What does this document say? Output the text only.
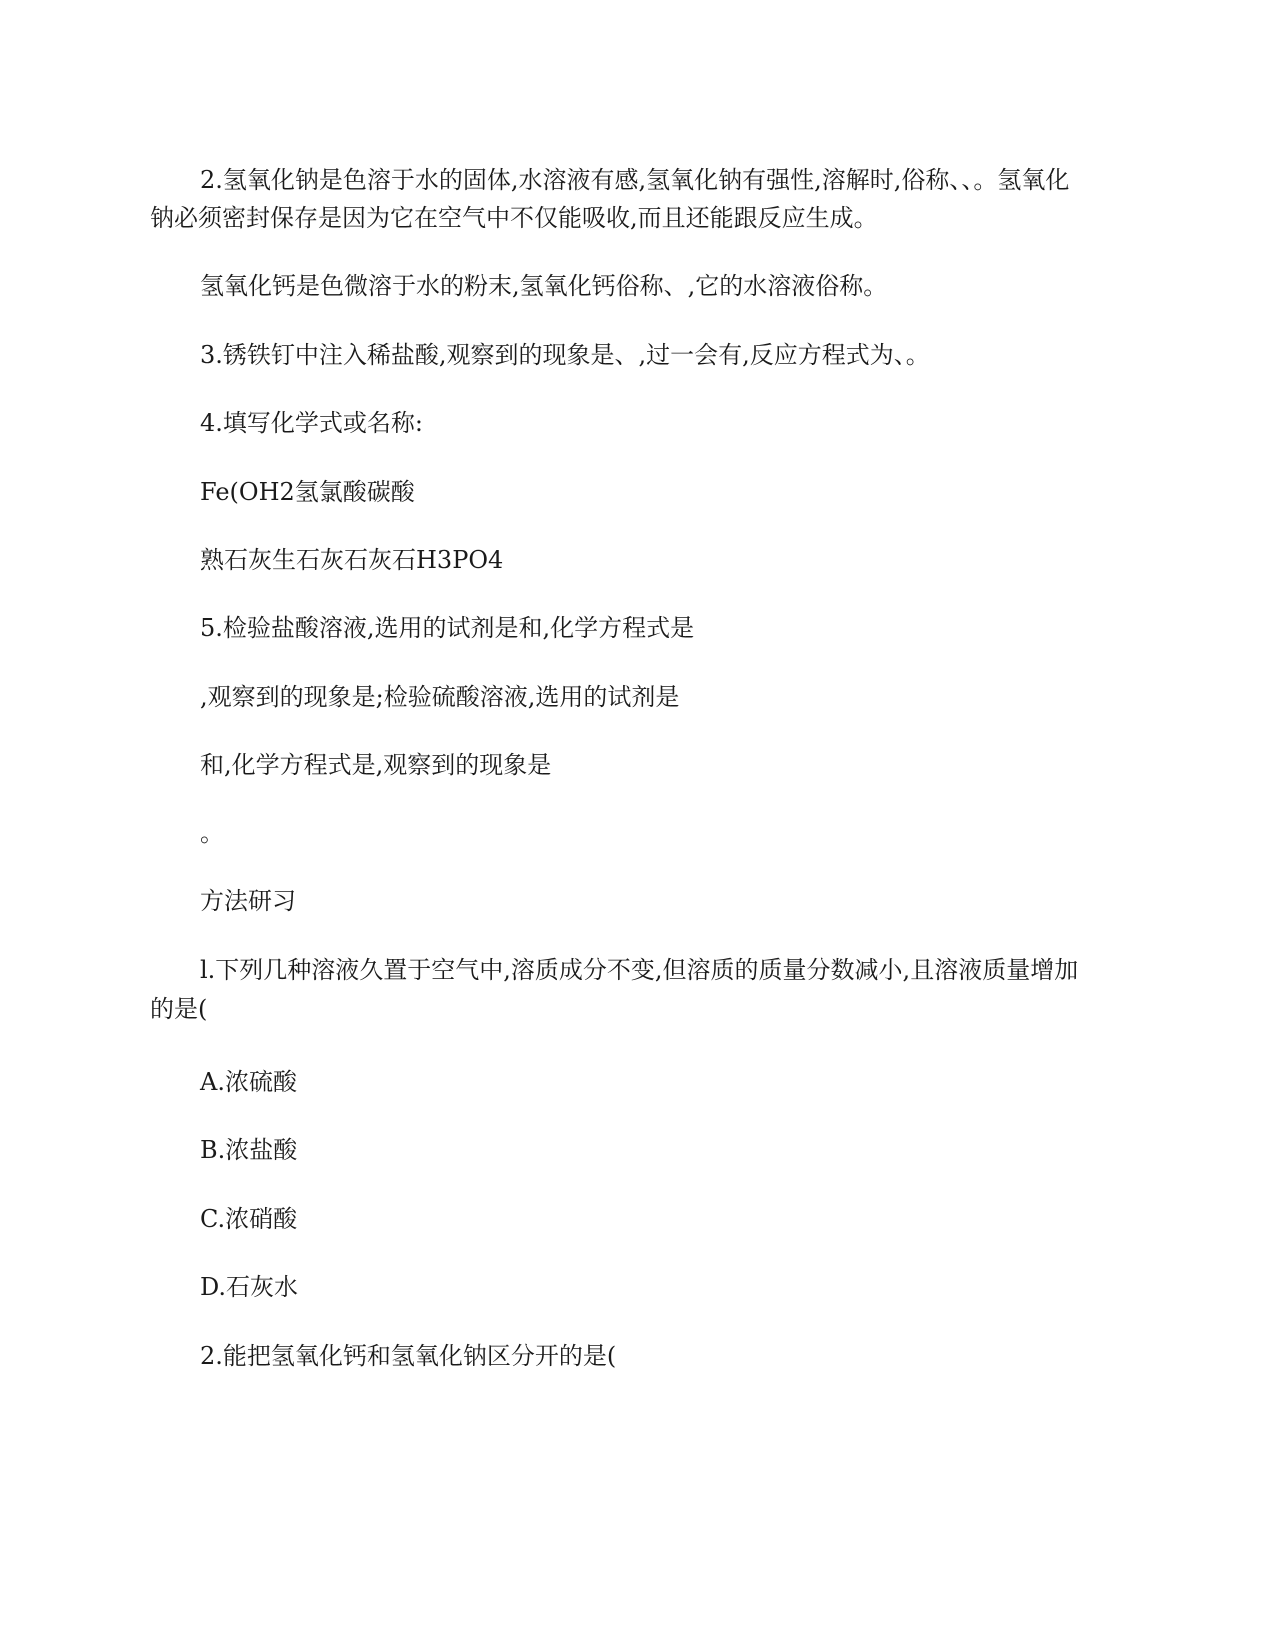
2.氢氧化钠是色溶于水的固体,水溶液有感,氢氧化钠有强性,溶解时,俗称、、。氢氧化
钠必须密封保存是因为它在空气中不仅能吸收,而且还能跟反应生成。
氢氧化钙是色微溶于水的粉末,氢氧化钙俗称、,它的水溶液俗称。
3.锈铁钉中注入稀盐酸,观察到的现象是、,过一会有,反应方程式为、。
4.填写化学式或名称:
Fe(OH2氢氯酸碳酸
熟石灰生石灰石灰石H3PO4
5.检验盐酸溶液,选用的试剂是和,化学方程式是
,观察到的现象是;检验硫酸溶液,选用的试剂是
和,化学方程式是,观察到的现象是
。
方法研习
l.下列几种溶液久置于空气中,溶质成分不变,但溶质的质量分数减小,且溶液质量增加
的是(
A.浓硫酸
B.浓盐酸
C.浓硝酸
D.石灰水
2.能把氢氧化钙和氢氧化钠区分开的是(
